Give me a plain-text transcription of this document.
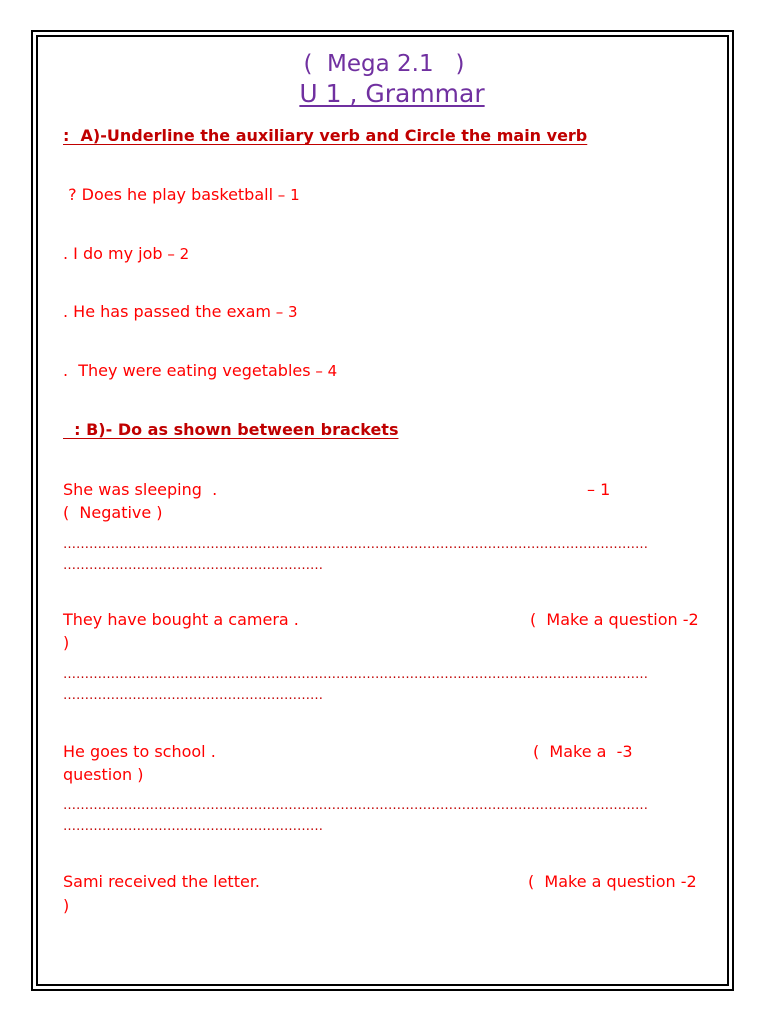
(  Mega 2.1   )
U 1 , Grammar
:  A)-Underline the auxiliary verb and Circle the main verb
? Does he play basketball – 1
. I do my job – 2
. He has passed the exam – 3
.  They were eating vegetables – 4
: B)- Do as shown between brackets
She was sleeping  .	– 1
(  Negative )
………………………………………………………………………………………………………………………
……………………………………………………
They have bought a camera .	(  Make a question -2
)
………………………………………………………………………………………………………………………
……………………………………………………
He goes to school .	(  Make a  -3
question )
………………………………………………………………………………………………………………………
……………………………………………………
Sami received the letter.	(  Make a question -2
)
